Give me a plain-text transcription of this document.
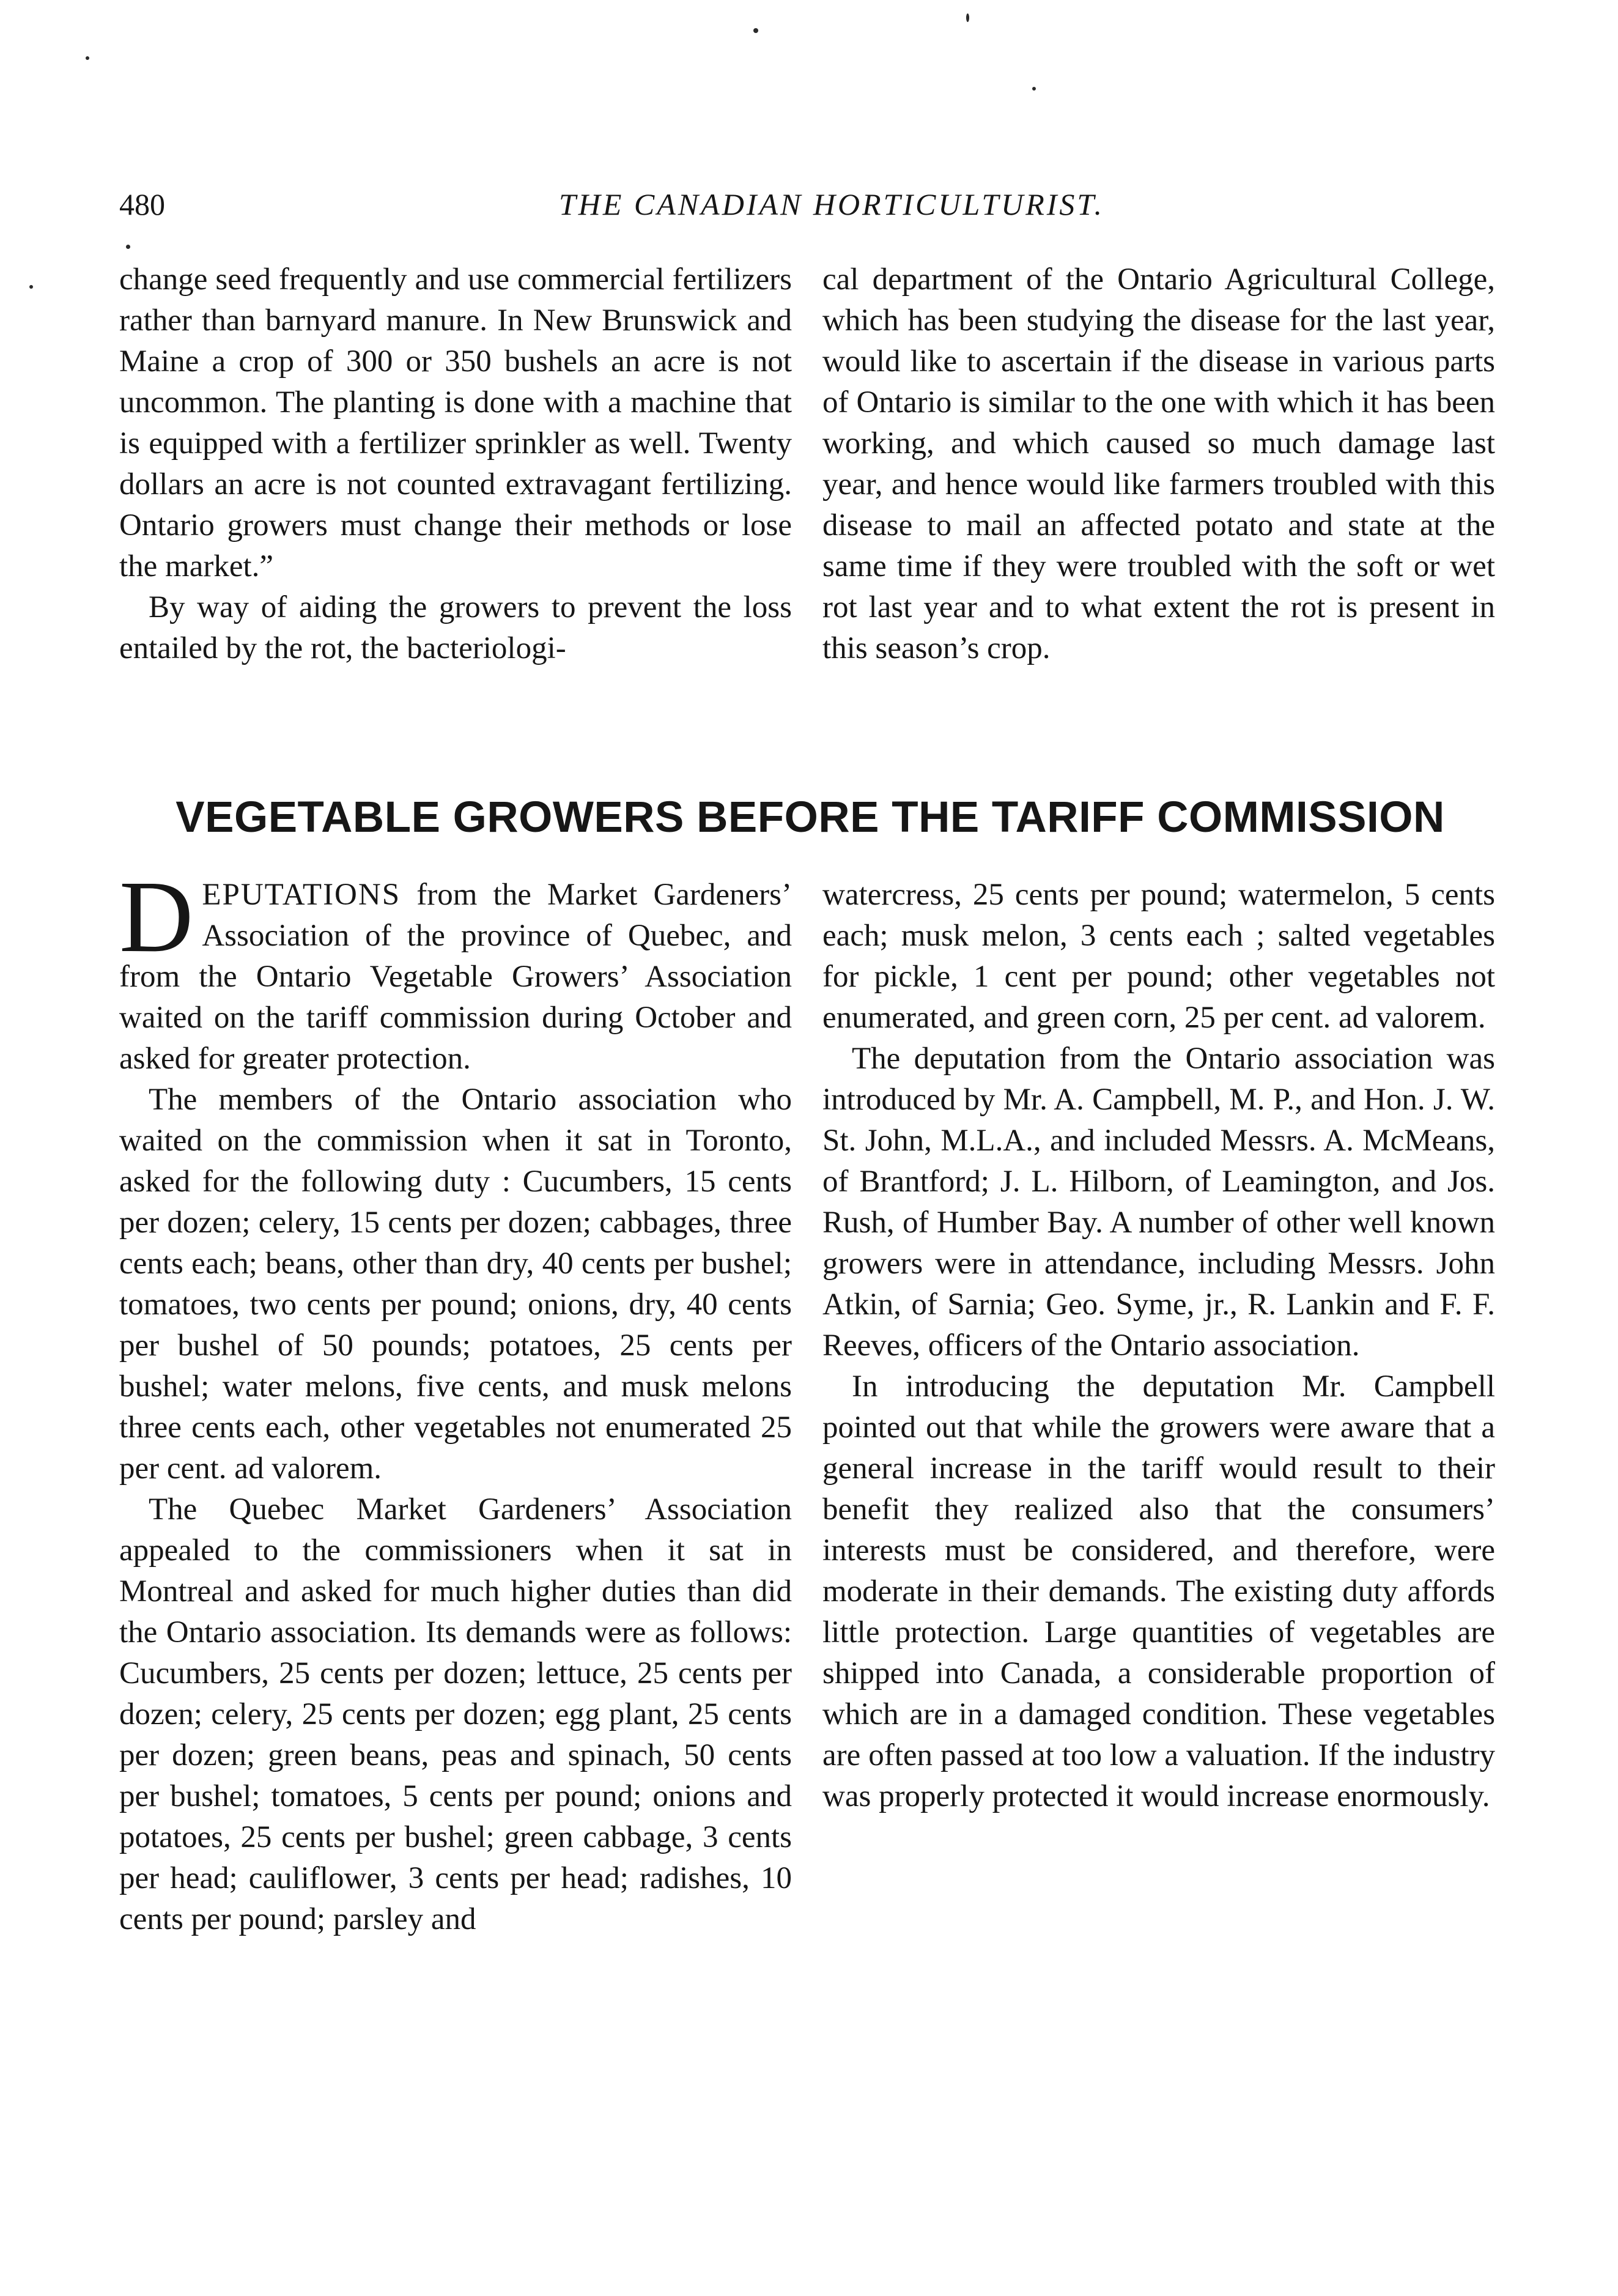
480	THE CANADIAN HORTICULTURIST.

change seed frequently and use commercial fertilizers rather than barnyard manure. In New Brunswick and Maine a crop of 300 or 350 bushels an acre is not uncommon. The planting is done with a machine that is equipped with a fertilizer sprinkler as well. Twenty dollars an acre is not counted extravagant fertilizing. Ontario growers must change their methods or lose the market.”

By way of aiding the growers to prevent the loss entailed by the rot, the bacteriologi-

cal department of the Ontario Agricultural College, which has been studying the disease for the last year, would like to ascertain if the disease in various parts of Ontario is similar to the one with which it has been working, and which caused so much damage last year, and hence would like farmers troubled with this disease to mail an affected potato and state at the same time if they were troubled with the soft or wet rot last year and to what extent the rot is present in this season’s crop.

VEGETABLE GROWERS BEFORE THE TARIFF COMMISSION

DEPUTATIONS from the Market Gardeners’ Association of the province of Quebec, and from the Ontario Vegetable Growers’ Association waited on the tariff commission during October and asked for greater protection.

The members of the Ontario association who waited on the commission when it sat in Toronto, asked for the following duty : Cucumbers, 15 cents per dozen; celery, 15 cents per dozen; cabbages, three cents each; beans, other than dry, 40 cents per bushel; tomatoes, two cents per pound; onions, dry, 40 cents per bushel of 50 pounds; potatoes, 25 cents per bushel; water melons, five cents, and musk melons three cents each, other vegetables not enumerated 25 per cent. ad valorem.

The Quebec Market Gardeners’ Association appealed to the commissioners when it sat in Montreal and asked for much higher duties than did the Ontario association. Its demands were as follows: Cucumbers, 25 cents per dozen; lettuce, 25 cents per dozen; celery, 25 cents per dozen; egg plant, 25 cents per dozen; green beans, peas and spinach, 50 cents per bushel; tomatoes, 5 cents per pound; onions and potatoes, 25 cents per bushel; green cabbage, 3 cents per head; cauliflower, 3 cents per head; radishes, 10 cents per pound; parsley and

watercress, 25 cents per pound; watermelon, 5 cents each; musk melon, 3 cents each ; salted vegetables for pickle, 1 cent per pound; other vegetables not enumerated, and green corn, 25 per cent. ad valorem.

The deputation from the Ontario association was introduced by Mr. A. Campbell, M. P., and Hon. J. W. St. John, M.L.A., and included Messrs. A. McMeans, of Brantford; J. L. Hilborn, of Leamington, and Jos. Rush, of Humber Bay. A number of other well known growers were in attendance, including Messrs. John Atkin, of Sarnia; Geo. Syme, jr., R. Lankin and F. F. Reeves, officers of the Ontario association.

In introducing the deputation Mr. Campbell pointed out that while the growers were aware that a general increase in the tariff would result to their benefit they realized also that the consumers’ interests must be considered, and therefore, were moderate in their demands. The existing duty affords little protection. Large quantities of vegetables are shipped into Canada, a considerable proportion of which are in a damaged condition. These vegetables are often passed at too low a valuation. If the industry was properly protected it would increase enormously.
